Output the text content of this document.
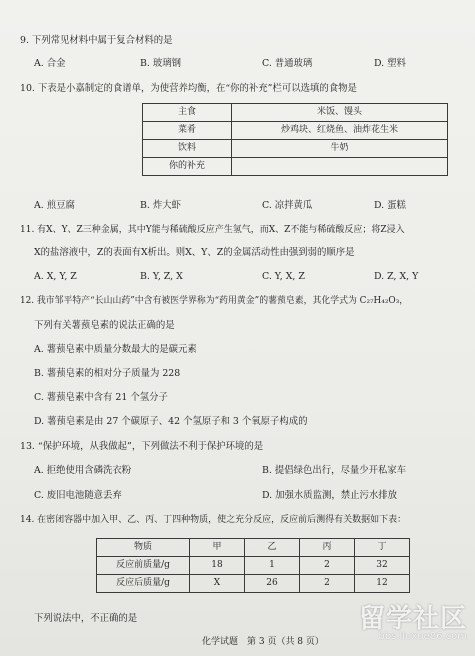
9. 下列常见材料中属于复合材料的是
A. 合金	B. 玻璃钢	C. 普通玻璃	D. 塑料
10. 下表是小嘉制定的食谱单，为使营养均衡，在“你的补充”栏可以选填的食物是
主食	米饭、馒头
菜肴	炒鸡块、红烧鱼、油炸花生米
饮料	牛奶
你的补充	
A. 煎豆腐	B. 炸大虾	C. 凉拌黄瓜	D. 蛋糕
11. 有X、Y、Z三种金属，其中Y能与稀硫酸反应产生氢气，而X、Z不能与稀硫酸反应；将Z浸入
X的盐溶液中，Z的表面有X析出。则X、Y、Z的金属活动性由强到弱的顺序是
A. X, Y, Z	B. Y, Z, X	C. Y, X, Z	D. Z, X, Y
12. 我市邹平特产“长山山药”中含有被医学界称为“药用黄金”的薯蓣皂素，其化学式为 C₂₇H₄₂O₃，
下列有关薯蓣皂素的说法正确的是
A. 薯蓣皂素中质量分数最大的是碳元素
B. 薯蓣皂素的相对分子质量为 228
C. 薯蓣皂素中含有 21 个氢分子
D. 薯蓣皂素是由 27 个碳原子、42 个氢原子和 3 个氧原子构成的
13. “保护环境，从我做起”，下列做法不利于保护环境的是
A. 拒绝使用含磷洗衣粉	B. 提倡绿色出行，尽量少开私家车
C. 废旧电池随意丢弃	D. 加强水质监测，禁止污水排放
14. 在密闭容器中加入甲、乙、丙、丁四种物质，使之充分反应，反应前后测得有关数据如下表：
物质	甲	乙	丙	丁
反应前质量/g	18	1	2	32
反应后质量/g	X	26	2	12
下列说法中，不正确的是
化学试题　第 3 页（共 8 页）
留学社区
bbs.liuxue86.com
